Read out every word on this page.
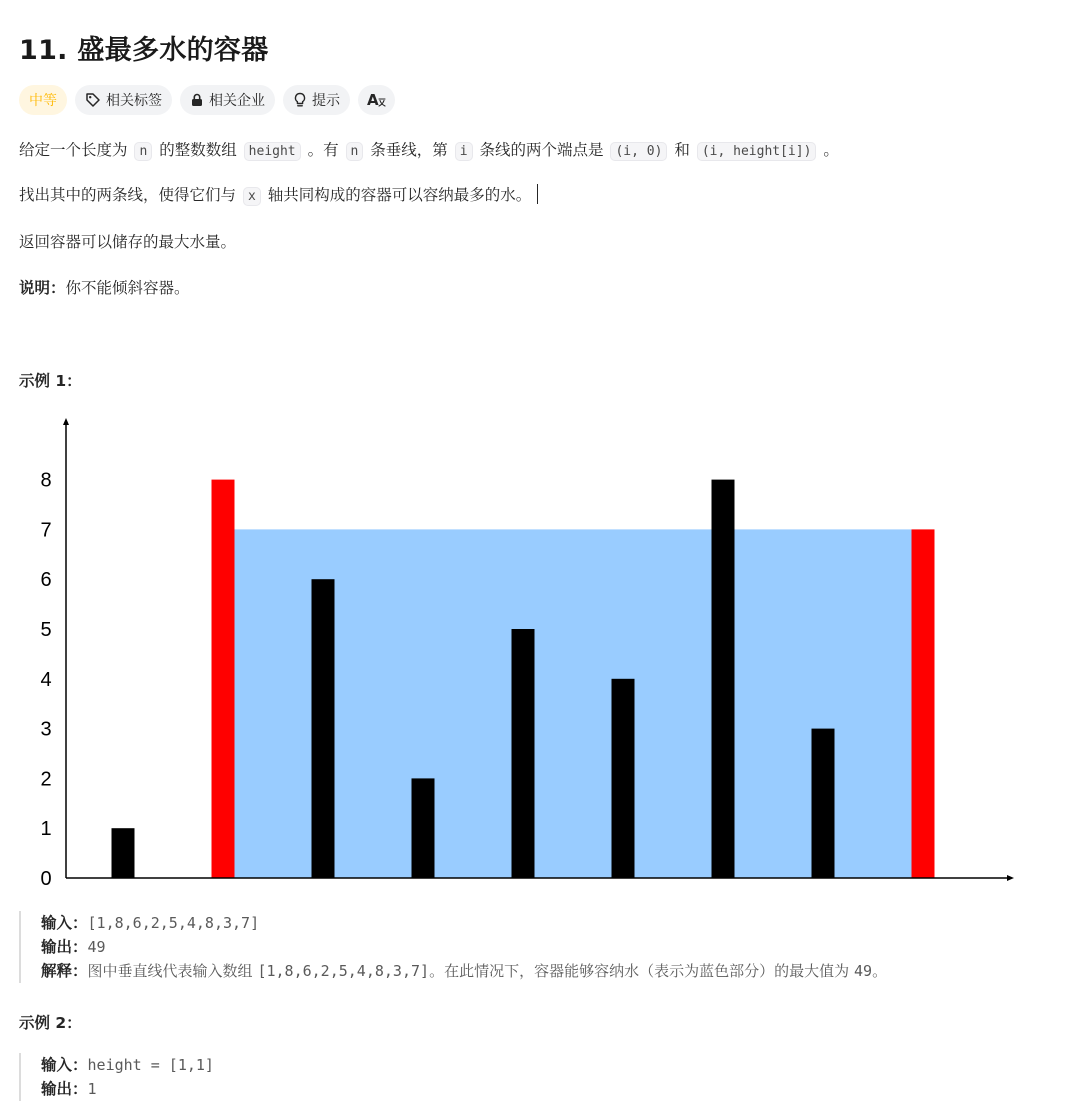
11. 盛最多水的容器
中等	相关标签	相关企业	提示 A

给定一个长度为 n 的整数数组 height 。有 n 条垂线，第 i 条线的两个端点是 (i, 0) 和 (i, height[i]) 。

找出其中的两条线，使得它们与 x 轴共同构成的容器可以容纳最多的水。

返回容器可以储存的最大水量。

说明：你不能倾斜容器。

示例 1：

0
1
2
3
4
5
6
7
8
输入：[1,8,6,2,5,4,8,3,7]
输出：49
解释：图中垂直线代表输入数组 [1,8,6,2,5,4,8,3,7]。在此情况下，容器能够容纳水（表示为蓝色部分）的最大值为 49。

示例 2：

输入：height = [1,1]
输出：1
